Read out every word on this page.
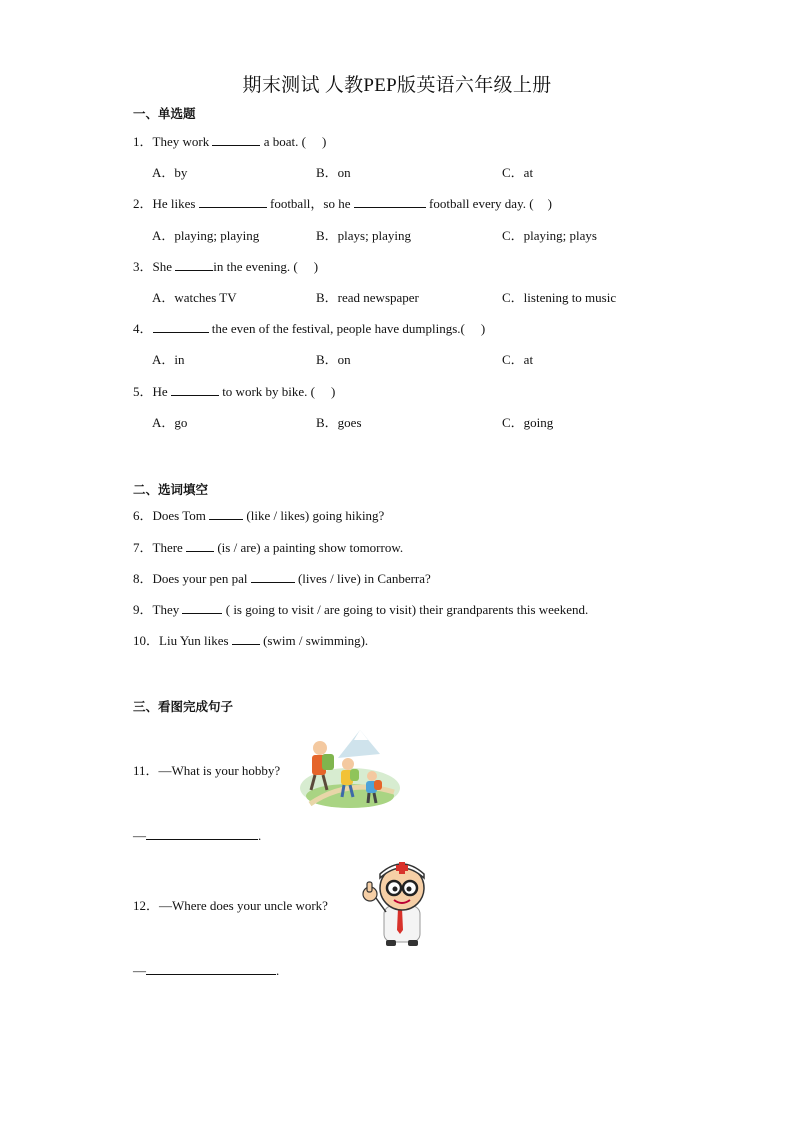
期末测试 人教PEP版英语六年级上册
一、单选题
1．They work	a boat. ( )
A．by	B．on	C．at
2．He likes	football，so he	football every day. ( )
A．playing; playing	B．plays; playing	C．playing; plays
3．She	in the evening. ( )
A．watches TV	B．read newspaper	C．listening to music
4．	the even of the festival, people have dumplings.( )
A．in	B．on	C．at
5．He	to work by bike. ( )
A．go	B．goes	C．going
二、选词填空
6．Does Tom	(like / likes) going hiking?
7．There	(is / are) a painting show tomorrow.
8．Does your pen pal	(lives / live) in Canberra?
9．They	( is going to visit / are going to visit) their grandparents this weekend.
10．Liu Yun likes	(swim / swimming).
三、看图完成句子
11．—What is your hobby?
—	.
12．—Where does your uncle work?
—	.
